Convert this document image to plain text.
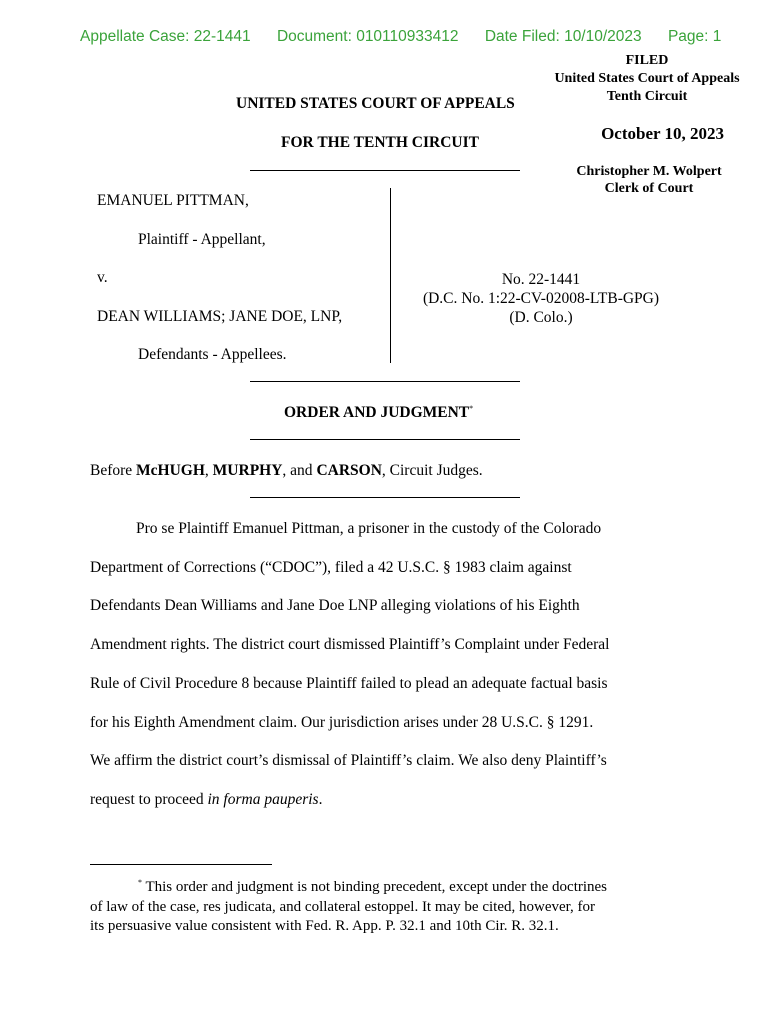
Appellate Case: 22-1441 Document: 010110933412 Date Filed: 10/10/2023 Page: 1
FILED
United States Court of Appeals
Tenth Circuit
October 10, 2023
Christopher M. Wolpert
Clerk of Court
UNITED STATES COURT OF APPEALS
FOR THE TENTH CIRCUIT
EMANUEL PITTMAN,
Plaintiff - Appellant,
v.
DEAN WILLIAMS; JANE DOE, LNP,
Defendants - Appellees.
No. 22-1441
(D.C. No. 1:22-CV-02008-LTB-GPG)
(D. Colo.)
ORDER AND JUDGMENT*
Before McHUGH, MURPHY, and CARSON, Circuit Judges.
Pro se Plaintiff Emanuel Pittman, a prisoner in the custody of the Colorado
Department of Corrections (“CDOC”), filed a 42 U.S.C. § 1983 claim against
Defendants Dean Williams and Jane Doe LNP alleging violations of his Eighth
Amendment rights. The district court dismissed Plaintiff’s Complaint under Federal
Rule of Civil Procedure 8 because Plaintiff failed to plead an adequate factual basis
for his Eighth Amendment claim. Our jurisdiction arises under 28 U.S.C. § 1291.
We affirm the district court’s dismissal of Plaintiff’s claim. We also deny Plaintiff’s
request to proceed in forma pauperis.
* This order and judgment is not binding precedent, except under the doctrines
of law of the case, res judicata, and collateral estoppel. It may be cited, however, for
its persuasive value consistent with Fed. R. App. P. 32.1 and 10th Cir. R. 32.1.
